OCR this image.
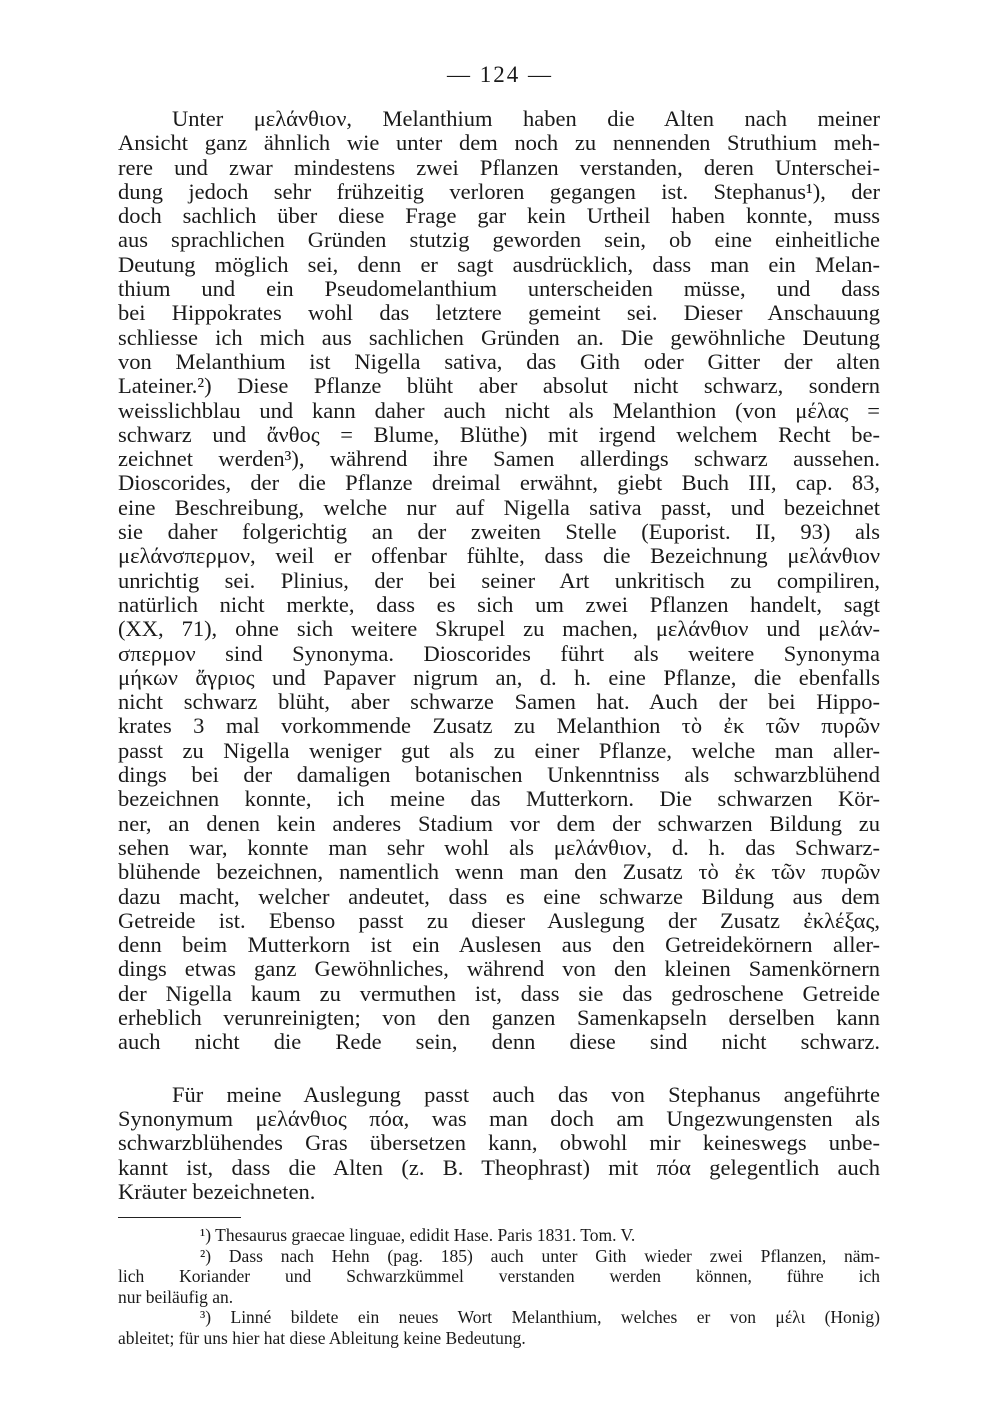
— 124 —
Unter μελάνθιον, Melanthium haben die Alten nach meiner
Ansicht ganz ähnlich wie unter dem noch zu nennenden Struthium meh-
rere und zwar mindestens zwei Pflanzen verstanden, deren Unterschei-
dung jedoch sehr frühzeitig verloren gegangen ist. Stephanus¹), der
doch sachlich über diese Frage gar kein Urtheil haben konnte, muss
aus sprachlichen Gründen stutzig geworden sein, ob eine einheitliche
Deutung möglich sei, denn er sagt ausdrücklich, dass man ein Melan-
thium und ein Pseudomelanthium unterscheiden müsse, und dass
bei Hippokrates wohl das letztere gemeint sei. Dieser Anschauung
schliesse ich mich aus sachlichen Gründen an. Die gewöhnliche Deutung
von Melanthium ist Nigella sativa, das Gith oder Gitter der alten
Lateiner.²) Diese Pflanze blüht aber absolut nicht schwarz, sondern
weisslichblau und kann daher auch nicht als Melanthion (von μέλας =
schwarz und ἄνθος = Blume, Blüthe) mit irgend welchem Recht be-
zeichnet werden³), während ihre Samen allerdings schwarz aussehen.
Dioscorides, der die Pflanze dreimal erwähnt, giebt Buch III, cap. 83,
eine Beschreibung, welche nur auf Nigella sativa passt, und bezeichnet
sie daher folgerichtig an der zweiten Stelle (Euporist. II, 93) als
μελάνσπερμον, weil er offenbar fühlte, dass die Bezeichnung μελάνθιον
unrichtig sei. Plinius, der bei seiner Art unkritisch zu compiliren,
natürlich nicht merkte, dass es sich um zwei Pflanzen handelt, sagt
(XX, 71), ohne sich weitere Skrupel zu machen, μελάνθιον und μελάν-
σπερμον sind Synonyma. Dioscorides führt als weitere Synonyma
μήκων ἄγριος und Papaver nigrum an, d. h. eine Pflanze, die ebenfalls
nicht schwarz blüht, aber schwarze Samen hat. Auch der bei Hippo-
krates 3 mal vorkommende Zusatz zu Melanthion τὸ ἐκ τῶν πυρῶν
passt zu Nigella weniger gut als zu einer Pflanze, welche man aller-
dings bei der damaligen botanischen Unkenntniss als schwarzblühend
bezeichnen konnte, ich meine das Mutterkorn. Die schwarzen Kör-
ner, an denen kein anderes Stadium vor dem der schwarzen Bildung zu
sehen war, konnte man sehr wohl als μελάνθιον, d. h. das Schwarz-
blühende bezeichnen, namentlich wenn man den Zusatz τὸ ἐκ τῶν πυρῶν
dazu macht, welcher andeutet, dass es eine schwarze Bildung aus dem
Getreide ist. Ebenso passt zu dieser Auslegung der Zusatz ἐκλέξας,
denn beim Mutterkorn ist ein Auslesen aus den Getreidekörnern aller-
dings etwas ganz Gewöhnliches, während von den kleinen Samenkörnern
der Nigella kaum zu vermuthen ist, dass sie das gedroschene Getreide
erheblich verunreinigten; von den ganzen Samenkapseln derselben kann
auch nicht die Rede sein, denn diese sind nicht schwarz.
Für meine Auslegung passt auch das von Stephanus angeführte
Synonymum μελάνθιος πόα, was man doch am Ungezwungensten als
schwarzblühendes Gras übersetzen kann, obwohl mir keineswegs unbe-
kannt ist, dass die Alten (z. B. Theophrast) mit πόα gelegentlich auch
Kräuter bezeichneten.
¹) Thesaurus graecae linguae, edidit Hase. Paris 1831. Tom. V.
²) Dass nach Hehn (pag. 185) auch unter Gith wieder zwei Pflanzen, näm-
lich Koriander und Schwarzkümmel verstanden werden können, führe ich
nur beiläufig an.
³) Linné bildete ein neues Wort Melanthium, welches er von μέλι (Honig)
ableitet; für uns hier hat diese Ableitung keine Bedeutung.
